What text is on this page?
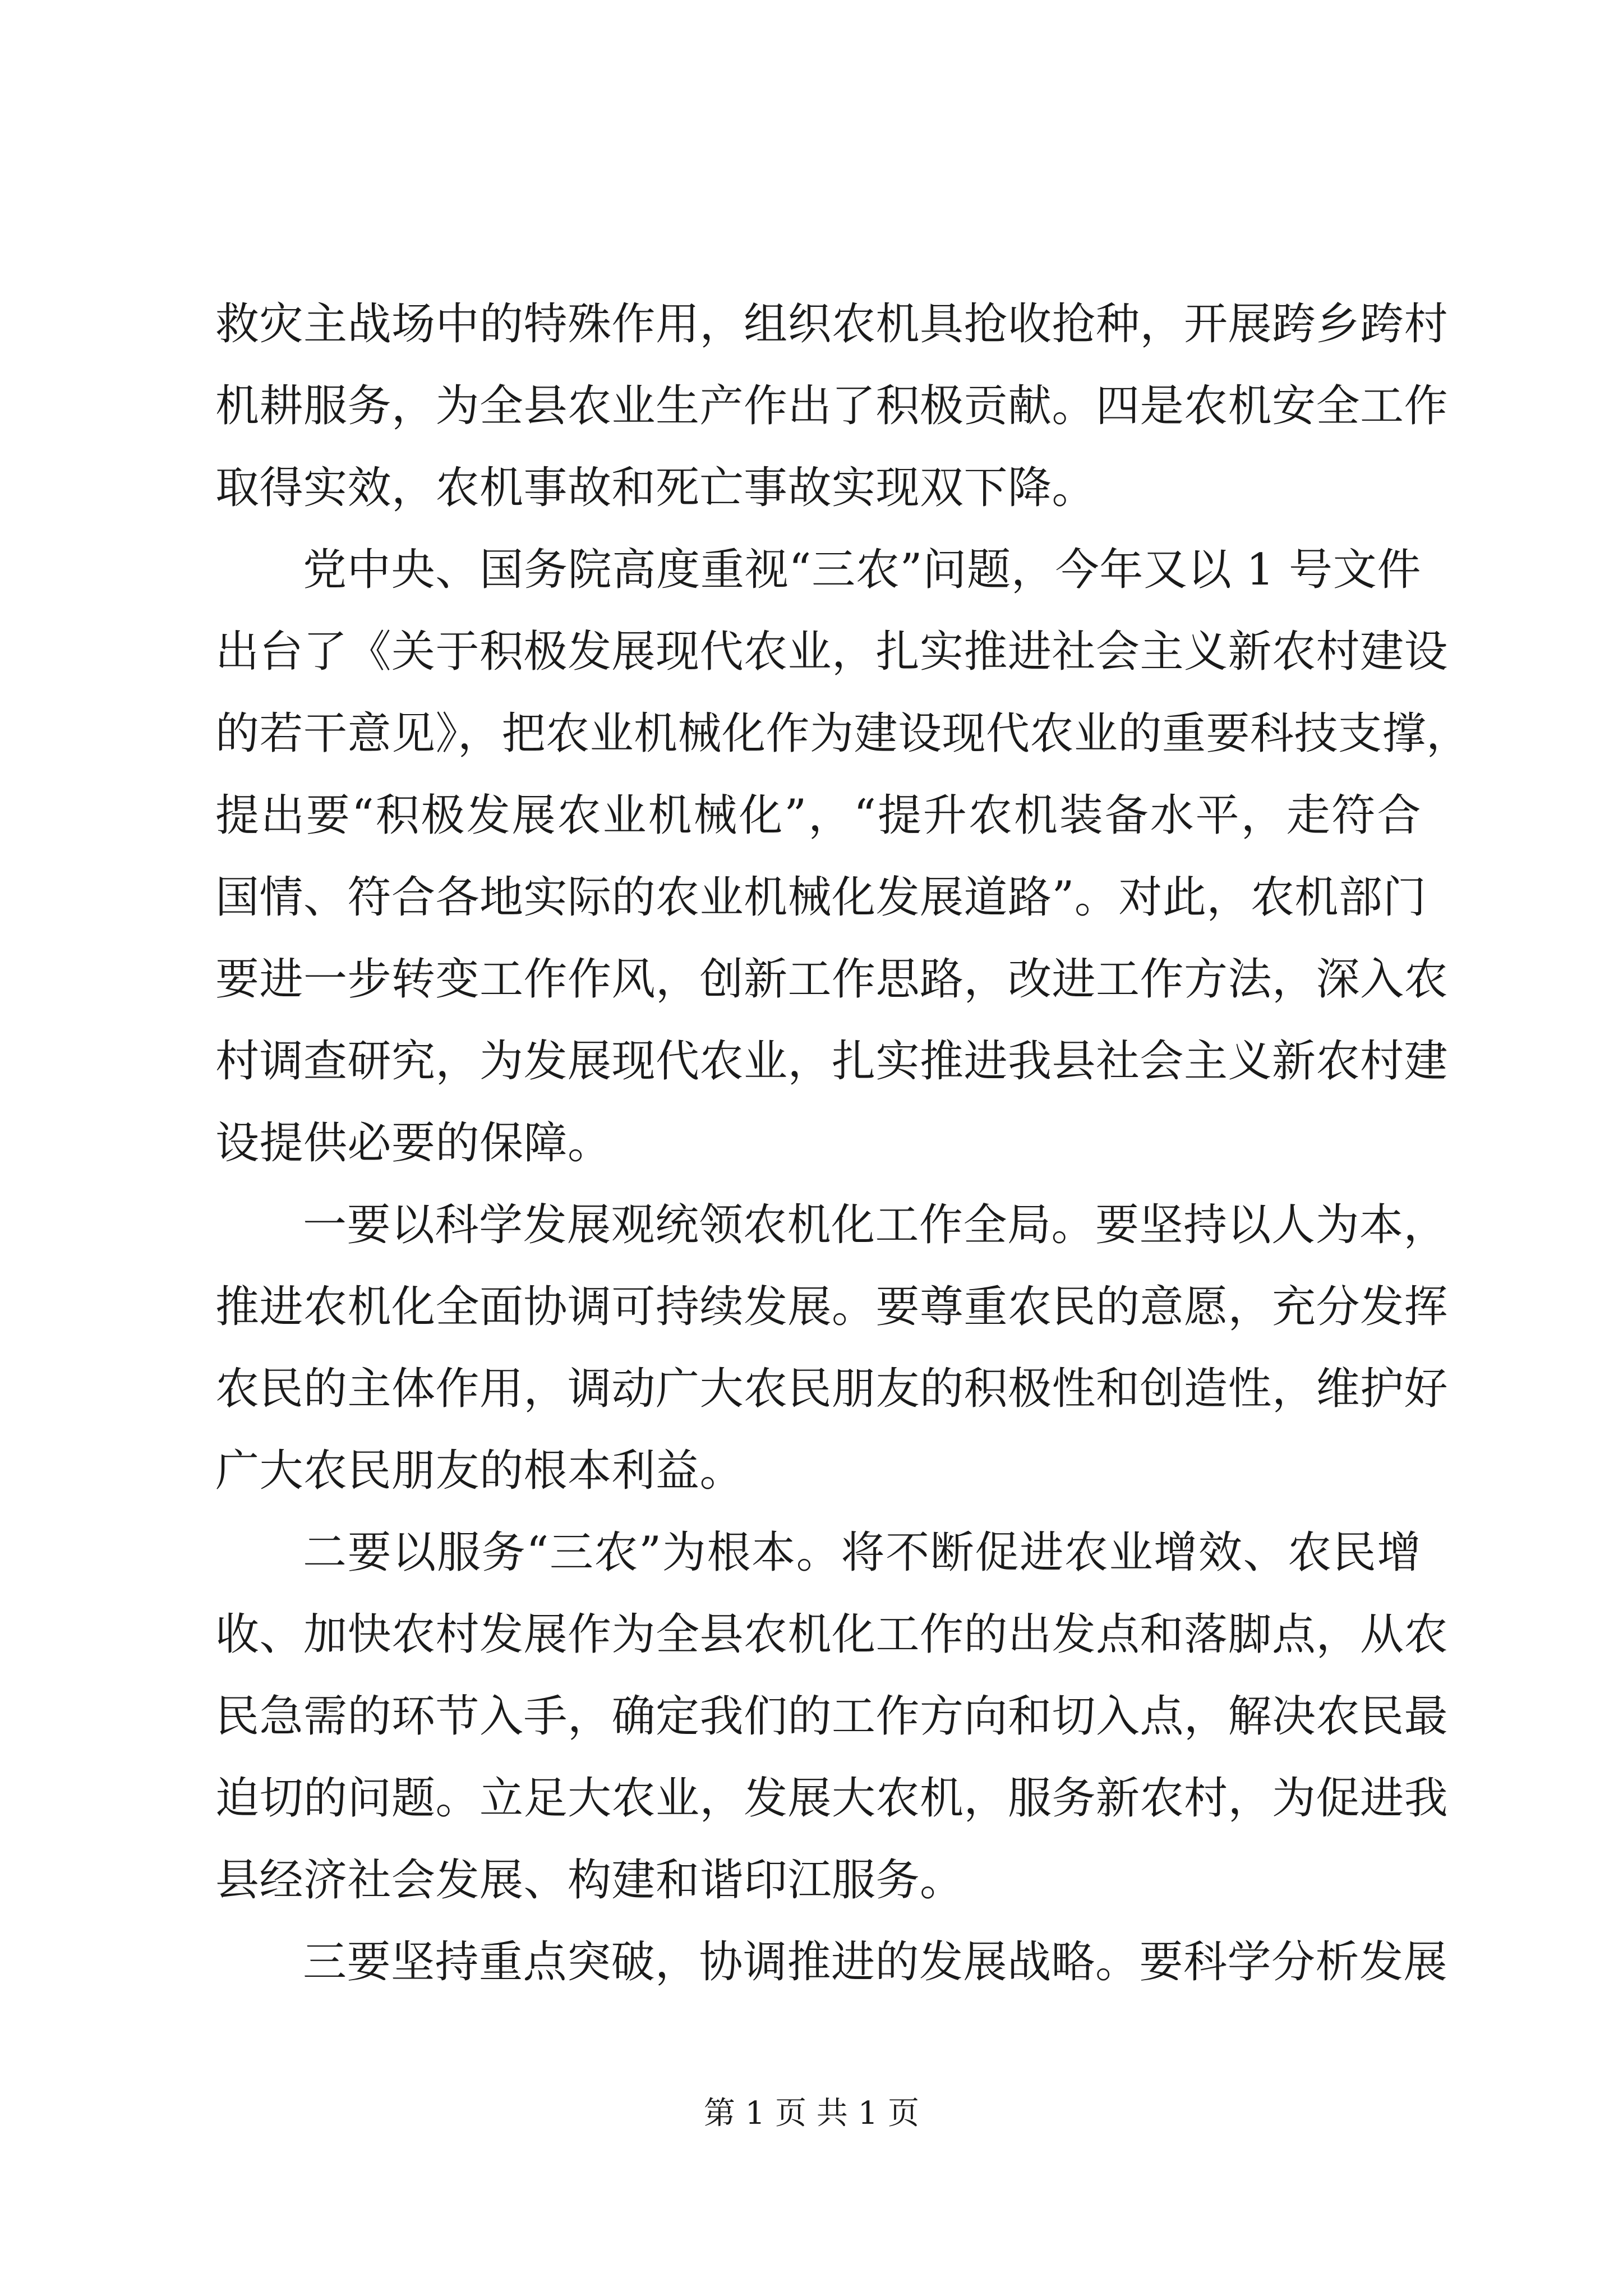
救灾主战场中的特殊作用，组织农机具抢收抢种，开展跨乡跨村
机耕服务，为全县农业生产作出了积极贡献。四是农机安全工作
取得实效，农机事故和死亡事故实现双下降。
党中央、国务院高度重视“三农”问题，今年又以 1 号文件
出台了《关于积极发展现代农业，扎实推进社会主义新农村建设
的若干意见》，把农业机械化作为建设现代农业的重要科技支撑，
提出要“积极发展农业机械化”，“提升农机装备水平，走符合
国情、符合各地实际的农业机械化发展道路”。对此，农机部门
要进一步转变工作作风，创新工作思路，改进工作方法，深入农
村调查研究，为发展现代农业，扎实推进我县社会主义新农村建
设提供必要的保障。
一要以科学发展观统领农机化工作全局。要坚持以人为本，
推进农机化全面协调可持续发展。要尊重农民的意愿，充分发挥
农民的主体作用，调动广大农民朋友的积极性和创造性，维护好
广大农民朋友的根本利益。
二要以服务“三农”为根本。将不断促进农业增效、农民增
收、加快农村发展作为全县农机化工作的出发点和落脚点，从农
民急需的环节入手，确定我们的工作方向和切入点，解决农民最
迫切的问题。立足大农业，发展大农机，服务新农村，为促进我
县经济社会发展、构建和谐印江服务。
三要坚持重点突破，协调推进的发展战略。要科学分析发展
第 1 页 共 1 页
